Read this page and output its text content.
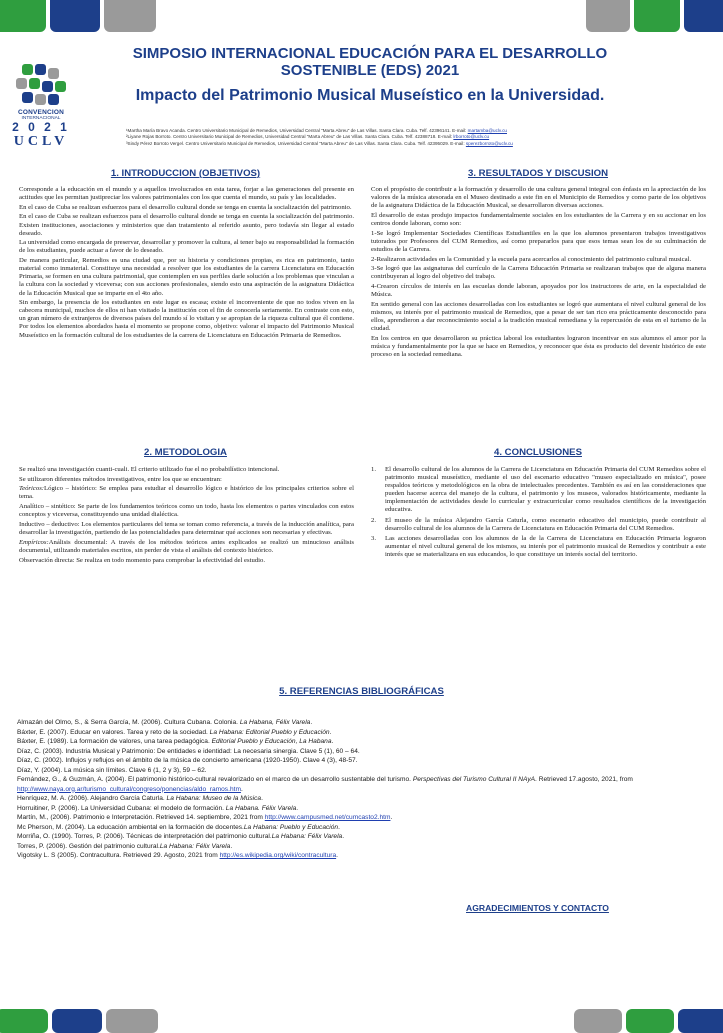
CONVENCION
INTERNACIONAL
2 0 2 1
UCLV
SIMPOSIO INTERNACIONAL EDUCACIÓN PARA EL DESARROLLO SOSTENIBLE (EDS) 2021
Impacto del Patrimonio Musical Museístico en la Universidad.
¹Martha María Bravo Acanda. Centro Universitario Municipal de Remedios, Universidad Central "Marta Abreu" de Las Villas. Santa Clara. Cuba. Telf. 42396141. E-mail: martamba@uclv.cu
²Liyane Rojas Borroto. Centro Universitario Municipal de Remedios, Universidad Central "Marta Abreu" de Las Villas. Santa Clara. Cuba. Telf. 42388718. E-mail: lrborroto@uclv.cu
³Sindy Pérez Borroto Vergel. Centro Universitario Municipal de Remedios, Universidad Central "Marta Abreu" de Las Villas. Santa Clara. Cuba. Telf. 42395029. E-mail: sperezborroto@uclv.cu
1. INTRODUCCION (OBJETIVOS)

Corresponde a la educación en el mundo y a aquellos involucrados en esta tarea, forjar a las generaciones del presente en actitudes que les permitan justipreciar los valores patrimoniales con los que cuenta el mundo, su país y las localidades.

En el caso de Cuba se realizan esfuerzos para el desarrollo cultural donde se tenga en cuenta la socialización del patrimonio.

En el caso de Cuba se realizan esfuerzos para el desarrollo cultural donde se tenga en cuenta la socialización del patrimonio. Existen instituciones, asociaciones y ministerios que dan tratamiento al referido asunto, pero todavía sin llegar al estado deseado.

La universidad como encargada de preservar, desarrollar y promover la cultura, al tener bajo su responsabilidad la formación de los estudiantes, puede actuar a favor de lo deseado.

De manera particular, Remedios es una ciudad que, por su historia y condiciones propias, es rica en patrimonio, tanto material como inmaterial. Constituye una necesidad a resolver que los estudiantes de la carrera Licenciatura en Educación Primaria, se formen en una cultura patrimonial, que contemplen en sus perfiles darle solución a los problemas que vinculan a la cultura con la sociedad y viceversa; con sus acciones profesionales, siendo esto una aspiración de la asignatura Didáctica de la Educación Musical que se imparte en el 4to año.

Sin embargo, la presencia de los estudiantes en este lugar es escasa; existe el inconveniente de que no todos viven en la cabecera municipal, muchos de ellos ni han visitado la institución con el fin de conocerla seriamente. En contraste con esto, un gran número de extranjeros de diversos países del mundo sí lo visitan y se apropian de la riqueza cultural que él contiene. Por todos los elementos abordados hasta el momento se propone como, objetivo: valorar el impacto del Patrimonio Musical Museístico en la formación cultural de los estudiantes de la carrera de Licenciatura en Educación Primaria de Remedios.

2. METODOLOGIA

Se realizó una investigación cuanti-cuali. El criterio utilizado fue el no probabilístico intencional.

Se utilizaron diferentes métodos investigativos, entre los que se encuentran:

Teóricos:Lógico – histórico: Se emplea para estudiar el desarrollo lógico e histórico de los principales criterios sobre el tema.

Analítico – sintético: Se parte de los fundamentos teóricos como un todo, hasta los elementos o partes vinculados con estos conceptos y viceversa, constituyendo una unidad dialéctica.

Inductivo – deductivo: Los elementos particulares del tema se toman como referencia, a través de la inducción analítica, para desarrollar la investigación, partiendo de las potencialidades para determinar qué acciones son necesarias y efectivas.

Empíricos:Análisis documental: A través de los métodos teóricos antes explicados se realizó un minucioso análisis documental, utilizando materiales escritos, sin perder de vista el análisis del contexto histórico.

Observación directa: Se realiza en todo momento para comprobar la efectividad del estudio.

3. RESULTADOS Y DISCUSION

Con el propósito de contribuir a la formación y desarrollo de una cultura general integral con énfasis en la apreciación de los valores de la música atesorada en el Museo destinado a este fin en el Municipio de Remedios y como parte de los objetivos de la asignatura Didáctica de la Educación Musical, se desarrollaron diversas acciones.

El desarrollo de estas produjo impactos fundamentalmente sociales en los estudiantes de la Carrera y en su accionar en los centros donde laboran, como son:

1-Se logró Implementar Sociedades Científicas Estudiantiles en la que los alumnos presentaron trabajos investigativos tutorados por Profesores del CUM Remedios, así como prepararlos para que esos temas sean los de su culminación de estudios de la Carrera.

2-Realizaron actividades en la Comunidad y la escuela para acercarlos al conocimiento del patrimonio cultural musical.

3-Se logró que las asignaturas del currículo de la Carrera Educación Primaria se realizaran trabajos que de alguna manera contribuyeran al logro del objetivo del trabajo.

4-Crearon círculos de interés en las escuelas donde laboran, apoyados por los instructores de arte, en la especialidad de Música.

En sentido general con las acciones desarrolladas con los estudiantes se logró que aumentara el nivel cultural general de los mismos, su interés por el patrimonio musical de Remedios, que a pesar de ser tan rico era prácticamente desconocido para ellos, aprendieron a dar reconocimiento social a la tradición musical remediana y la repercusión de esta en el turismo de la ciudad.

En los centros en que desarrollaron su práctica laboral los estudiantes lograron incentivar en sus alumnos el amor por la música y fundamentalmente por la que se hace en Remedios, y reconocer que ésta es producto del devenir histórico de este proceso en la sociedad remediana.

4. CONCLUSIONES
1. El desarrollo cultural de los alumnos de la Carrera de Licenciatura en Educación Primaria del CUM Remedios sobre el patrimonio musical museístico, mediante el uso del escenario educativo "museo especializado en música", posee respaldos teóricos y metodológicos en la obra de intelectuales precedentes. También es así en las consideraciones que pueden hacerse acerca del manejo de la cultura, el patrimonio y los museos, valorados históricamente, mediante la implementación de actividades desde lo curricular y extracurricular como resultados científicos de la investigación educativa.
2. El museo de la música Alejandro García Caturla, como escenario educativo del municipio, puede contribuir al desarrollo cultural de los alumnos de la Carrera de Licenciatura en Educación Primaria del CUM Remedios.
3. Las acciones desarrolladas con los alumnos de la de la Carrera de Licenciatura en Educación Primaria lograron aumentar el nivel cultural general de los mismos, su interés por el patrimonio musical de Remedios y contribuir a este interés que se materializara en sus educandos, lo que constituye un interés social del territorio.
5. REFERENCIAS BIBLIOGRÁFICAS
Almazán del Olmo, S., & Serra García, M. (2006). Cultura Cubana. Colonia. La Habana, Félix Varela.
Báxter, E. (2007). Educar en valores. Tarea y reto de la sociedad. La Habana: Editorial Pueblo y Educación.
Báxter, E. (1989). La formación de valores, una tarea pedagógica. Editorial Pueblo y Educación, La Habana.
Díaz, C. (2003). Industria Musical y Patrimonio: De entidades e identidad: La necesaria sinergia. Clave 5 (1), 60 – 64.
Díaz, C. (2002). Influjos y reflujos en el ámbito de la música de concierto americana (1920-1950). Clave 4 (3), 48-57.
Díaz, Y. (2004). La música sin límites. Clave 6 (1, 2 y 3), 59 – 62.
Fernández, G., & Guzmán, A. (2004). El patrimonio histórico-cultural revalorizado en el marco de un desarrollo sustentable del turismo. Perspectivas del Turismo Cultural II NAyA. Retrieved 17.agosto, 2021, from http://www.naya.org.ar/turismo_cultural/congreso/ponencias/aldo_ramos.htm.
Henríquez, M. A. (2006). Alejandro García Caturla. La Habana: Museo de la Música.
Horruitiner, P. (2006). La Universidad Cubana: el modelo de formación. La Habana. Félix Varela.
Martín, M., (2006). Patrimonio e Interpretación. Retrieved 14. septiembre, 2021 from http://www.campusmed.net/cumcasto2.htm.
Mc Pherson, M. (2004). La educación ambiental en la formación de docentes.La Habana: Pueblo y Educación.
Morriña, O. (1990). Torres, P. (2006). Técnicas de interpretación del patrimonio cultural.La Habana: Félix Varela.
Torres, P. (2006). Gestión del patrimonio cultural.La Habana: Félix Varela.
Vigotsky L. S (2005). Contracultura. Retrieved 29. Agosto, 2021 from http://es.wikipedia.org/wiki/contracultura.
AGRADECIMIENTOS Y CONTACTO
